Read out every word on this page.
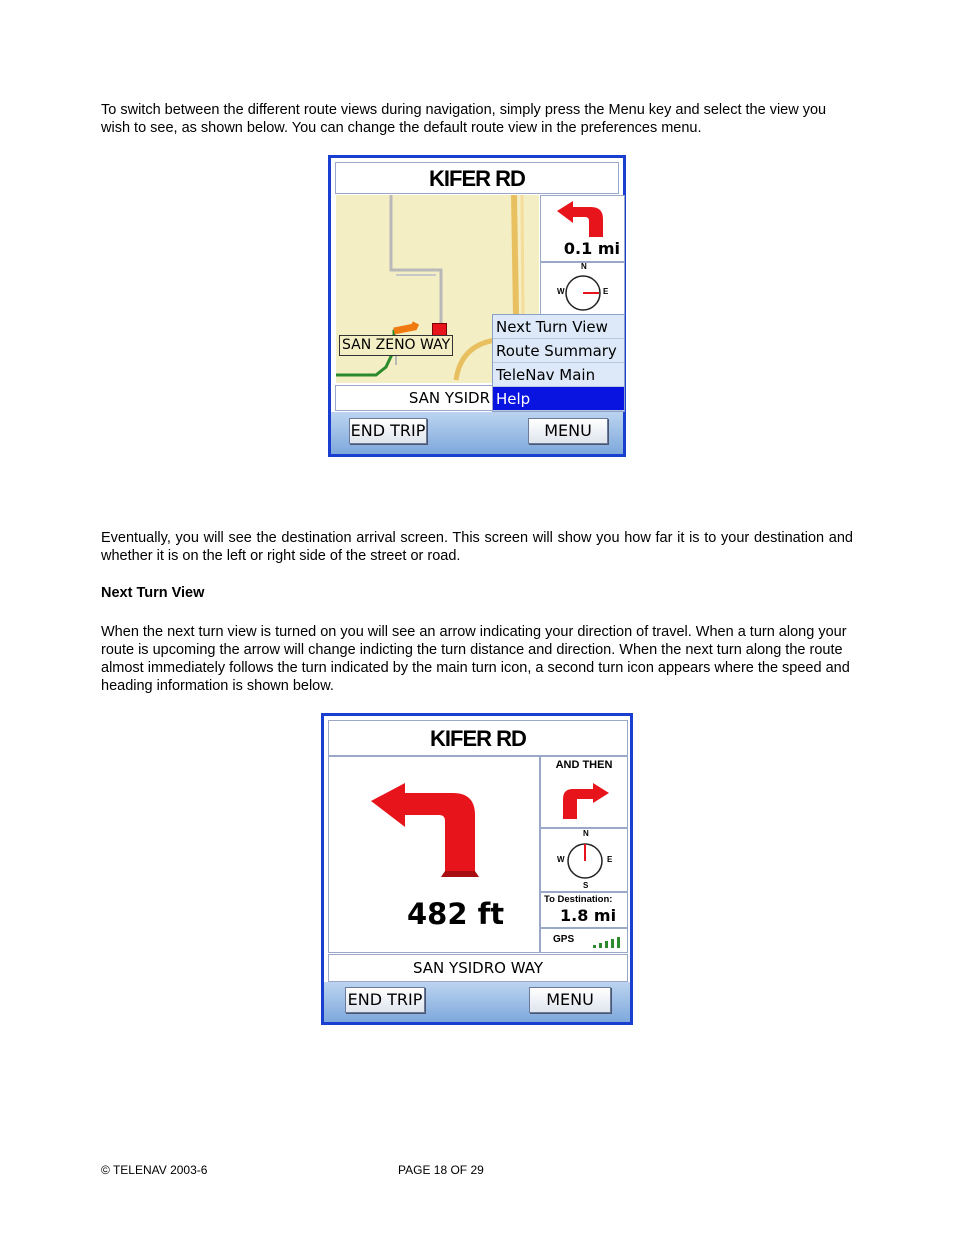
To switch between the different route views during navigation, simply press the Menu key and select the view you wish to see, as shown below. You can change the default route view in the preferences menu.

KIFER RD
SAN ZENO WAY
0.1 mi
N
W	E
Next Turn View
Route Summary
TeleNav Main
Help
SAN YSIDR
END TRIP	MENU

Eventually, you will see the destination arrival screen. This screen will show you how far it is to your destination and whether it is on the left or right side of the street or road.

Next Turn View

When the next turn view is turned on you will see an arrow indicating your direction of travel. When a turn along your route is upcoming the arrow will change indicting the turn distance and direction. When the next turn along the route almost immediately follows the turn indicated by the main turn icon, a second turn icon appears where the speed and heading information is shown below.

KIFER RD
482 ft
AND THEN
N
W	E
S
To Destination:
1.8 mi
GPS
SAN YSIDRO WAY
END TRIP	MENU
© TELENAV 2003-6	PAGE 18 OF 29
